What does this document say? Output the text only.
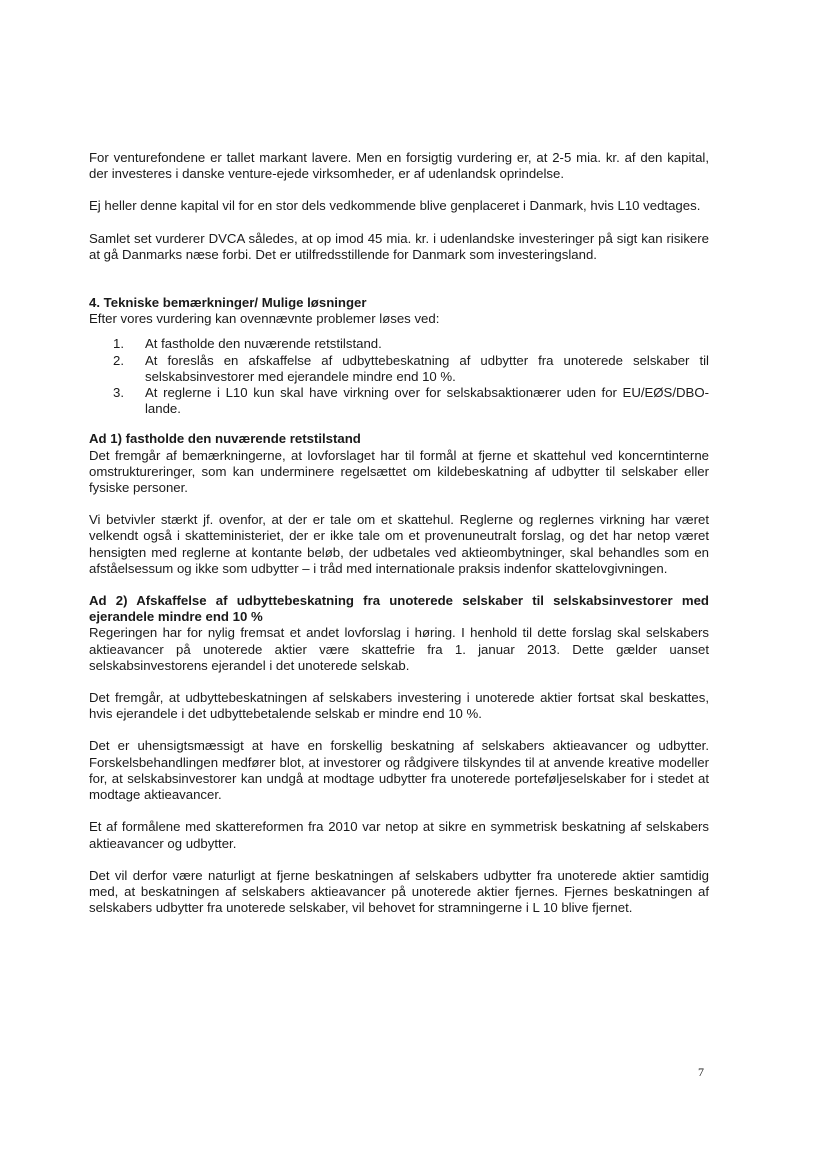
For venturefondene er tallet markant lavere. Men en forsigtig vurdering er, at 2-5 mia. kr. af den kapital, der investeres i danske venture-ejede virksomheder, er af udenlandsk oprindelse.

Ej heller denne kapital vil for en stor dels vedkommende blive genplaceret i Danmark, hvis L10 vedtages.

Samlet set vurderer DVCA således, at op imod 45 mia. kr. i udenlandske investeringer på sigt kan risikere at gå Danmarks næse forbi. Det er utilfredsstillende for Danmark som investeringsland.

4. Tekniske bemærkninger/ Mulige løsninger

Efter vores vurdering kan ovennævnte problemer løses ved:

1. At fastholde den nuværende retstilstand.
2. At foreslås en afskaffelse af udbyttebeskatning af udbytter fra unoterede selskaber til selskabsinvestorer med ejerandele mindre end 10 %.
3. At reglerne i L10 kun skal have virkning over for selskabsaktionærer uden for EU/EØS/DBO-lande.

Ad 1) fastholde den nuværende retstilstand

Det fremgår af bemærkningerne, at lovforslaget har til formål at fjerne et skattehul ved koncerntinterne omstruktureringer, som kan underminere regelsættet om kildebeskatning af udbytter til selskaber eller fysiske personer.

Vi betvivler stærkt jf. ovenfor, at der er tale om et skattehul. Reglerne og reglernes virkning har været velkendt også i skatteministeriet, der er ikke tale om et provenuneutralt forslag, og det har netop været hensigten med reglerne at kontante beløb, der udbetales ved aktieombytninger, skal behandles som en afståelsessum og ikke som udbytter – i tråd med internationale praksis indenfor skattelovgivningen.

Ad 2) Afskaffelse af udbyttebeskatning fra unoterede selskaber til selskabsinvestorer med ejerandele mindre end 10 %

Regeringen har for nylig fremsat et andet lovforslag i høring. I henhold til dette forslag skal selskabers aktieavancer på unoterede aktier være skattefrie fra 1. januar 2013. Dette gælder uanset selskabsinvestorens ejerandel i det unoterede selskab.

Det fremgår, at udbyttebeskatningen af selskabers investering i unoterede aktier fortsat skal beskattes, hvis ejerandele i det udbyttebetalende selskab er mindre end 10 %.

Det er uhensigtsmæssigt at have en forskellig beskatning af selskabers aktieavancer og udbytter. Forskelsbehandlingen medfører blot, at investorer og rådgivere tilskyndes til at anvende kreative modeller for, at selskabsinvestorer kan undgå at modtage udbytter fra unoterede porteføljeselskaber for i stedet at modtage aktieavancer.

Et af formålene med skattereformen fra 2010 var netop at sikre en symmetrisk beskatning af selskabers aktieavancer og udbytter.

Det vil derfor være naturligt at fjerne beskatningen af selskabers udbytter fra unoterede aktier samtidig med, at beskatningen af selskabers aktieavancer på unoterede aktier fjernes. Fjernes beskatningen af selskabers udbytter fra unoterede selskaber, vil behovet for stramningerne i L 10 blive fjernet.

7
